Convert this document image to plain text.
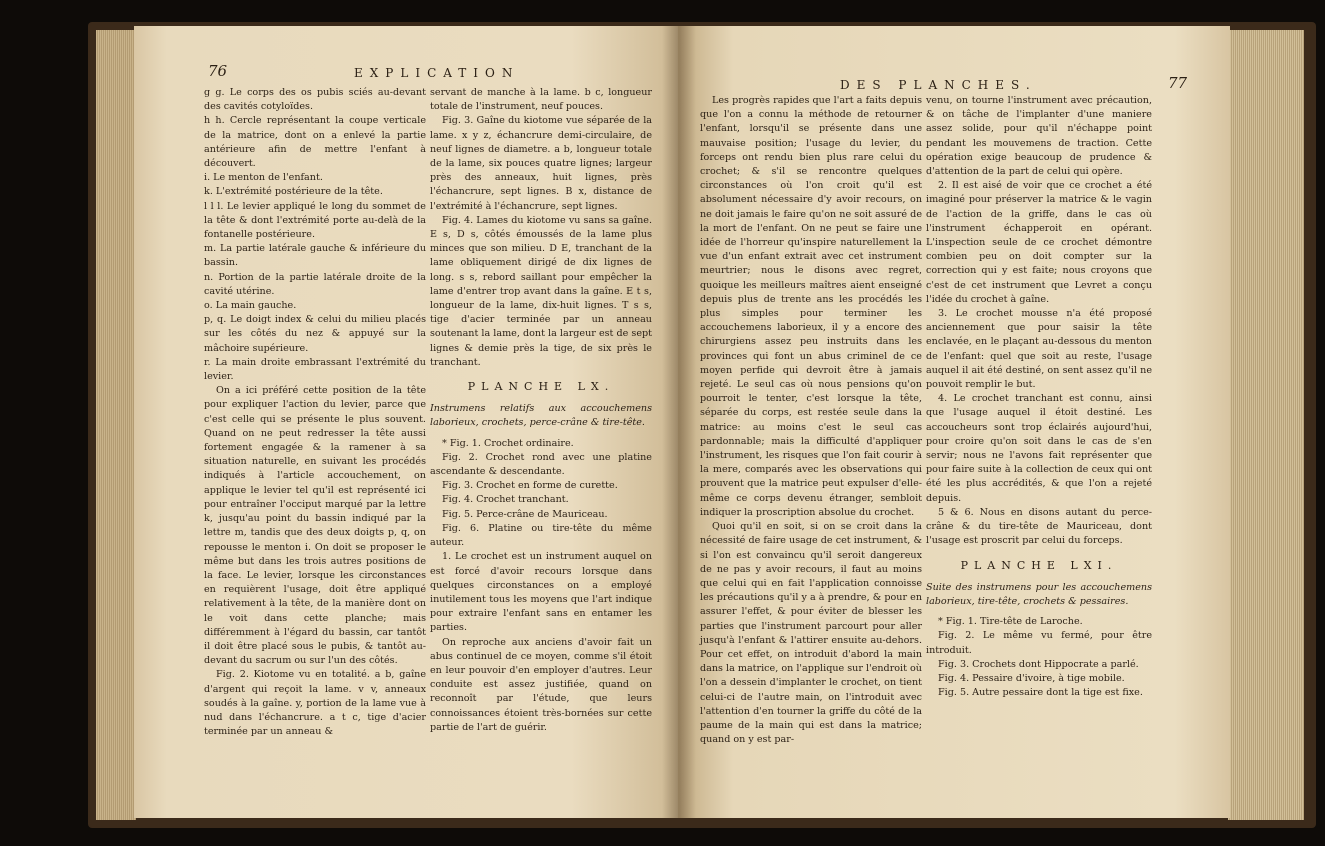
76	EXPLICATION

g g. Le corps des os pubis sciés au-devant des cavités cotyloïdes.

h h. Cercle représentant la coupe verticale de la matrice, dont on a enlevé la partie antérieure afin de mettre l'enfant à découvert.

i. Le menton de l'enfant.

k. L'extrémité postérieure de la tête.

l l l. Le levier appliqué le long du sommet de la tête & dont l'extrémité porte au-delà de la fontanelle postérieure.

m. La partie latérale gauche & inférieure du bassin.

n. Portion de la partie latérale droite de la cavité utérine.

o. La main gauche.

p, q. Le doigt index & celui du milieu placés sur les côtés du nez & appuyé sur la mâchoire supérieure.

r. La main droite embrassant l'extrémité du levier.

On a ici préféré cette position de la tête pour expliquer l'action du levier, parce que c'est celle qui se présente le plus souvent. Quand on ne peut redresser la tête aussi fortement engagée & la ramener à sa situation naturelle, en suivant les procédés indiqués à l'article accouchement, on applique le levier tel qu'il est représenté ici pour entraîner l'occiput marqué par la lettre k, jusqu'au point du bassin indiqué par la lettre m, tandis que des deux doigts p, q, on repousse le menton i. On doit se proposer le même but dans les trois autres positions de la face. Le levier, lorsque les circonstances en requièrent l'usage, doit être appliqué relativement à la tête, de la manière dont on le voit dans cette planche; mais différemment à l'égard du bassin, car tantôt il doit être placé sous le pubis, & tantôt au-devant du sacrum ou sur l'un des côtés.

Fig. 2. Kiotome vu en totalité. a b, gaîne d'argent qui reçoit la lame. v v, anneaux soudés à la gaîne. y, portion de la lame vue à nud dans l'échancrure. a t c, tige d'acier terminée par un anneau &

servant de manche à la lame. b c, longueur totale de l'instrument, neuf pouces.

Fig. 3. Gaîne du kiotome vue séparée de la lame. x y z, échancrure demi-circulaire, de neuf lignes de diametre. a b, longueur totale de la lame, six pouces quatre lignes; largeur près des anneaux, huit lignes, près l'échancrure, sept lignes. B x, distance de l'extrémité à l'échancrure, sept lignes.

Fig. 4. Lames du kiotome vu sans sa gaîne. E s, D s, côtés émoussés de la lame plus minces que son milieu. D E, tranchant de la lame obliquement dirigé de dix lignes de long. s s, rebord saillant pour empêcher la lame d'entrer trop avant dans la gaîne. E t s, longueur de la lame, dix-huit lignes. T s s, tige d'acier terminée par un anneau soutenant la lame, dont la largeur est de sept lignes & demie près la tige, de six près le tranchant.

PLANCHE LX.

Instrumens relatifs aux accouchemens laborieux, crochets, perce-crâne & tire-tête.

* Fig. 1. Crochet ordinaire.

Fig. 2. Crochet rond avec une platine ascendante & descendante.

Fig. 3. Crochet en forme de curette.

Fig. 4. Crochet tranchant.

Fig. 5. Perce-crâne de Mauriceau.

Fig. 6. Platine ou tire-tête du même auteur.

1. Le crochet est un instrument auquel on est forcé d'avoir recours lorsque dans quelques circonstances on a employé inutilement tous les moyens que l'art indique pour extraire l'enfant sans en entamer les parties.

On reproche aux anciens d'avoir fait un abus continuel de ce moyen, comme s'il étoit en leur pouvoir d'en employer d'autres. Leur conduite est assez justifiée, quand on reconnoît par l'étude, que leurs connoissances étoient très-bornées sur cette partie de l'art de guérir.

DES PLANCHES.	77

Les progrès rapides que l'art a faits depuis que l'on a connu la méthode de retourner l'enfant, lorsqu'il se présente dans une mauvaise position; l'usage du levier, du forceps ont rendu bien plus rare celui du crochet; & s'il se rencontre quelques circonstances où l'on croit qu'il est absolument nécessaire d'y avoir recours, on ne doit jamais le faire qu'on ne soit assuré de la mort de l'enfant. On ne peut se faire une idée de l'horreur qu'inspire naturellement la vue d'un enfant extrait avec cet instrument meurtrier; nous le disons avec regret, quoique les meilleurs maîtres aient enseigné depuis plus de trente ans les procédés les plus simples pour terminer les accouchemens laborieux, il y a encore des chirurgiens assez peu instruits dans les provinces qui font un abus criminel de ce moyen perfide qui devroit être à jamais rejeté. Le seul cas où nous pensions qu'on pourroit le tenter, c'est lorsque la tête, séparée du corps, est restée seule dans la matrice: au moins c'est le seul cas pardonnable; mais la difficulté d'appliquer l'instrument, les risques que l'on fait courir à la mere, comparés avec les observations qui prouvent que la matrice peut expulser d'elle-même ce corps devenu étranger, sembloit indiquer la proscription absolue du crochet.

Quoi qu'il en soit, si on se croit dans la nécessité de faire usage de cet instrument, & si l'on est convaincu qu'il seroit dangereux de ne pas y avoir recours, il faut au moins que celui qui en fait l'application connoisse les précautions qu'il y a à prendre, & pour en assurer l'effet, & pour éviter de blesser les parties que l'instrument parcourt pour aller jusqu'à l'enfant & l'attirer ensuite au-dehors. Pour cet effet, on introduit d'abord la main dans la matrice, on l'applique sur l'endroit où l'on a dessein d'implanter le crochet, on tient celui-ci de l'autre main, on l'introduit avec l'attention d'en tourner la griffe du côté de la paume de la main qui est dans la matrice; quand on y est par-

venu, on tourne l'instrument avec précaution, & on tâche de l'implanter d'une maniere assez solide, pour qu'il n'échappe point pendant les mouvemens de traction. Cette opération exige beaucoup de prudence & d'attention de la part de celui qui opère.

2. Il est aisé de voir que ce crochet a été imaginé pour préserver la matrice & le vagin de l'action de la griffe, dans le cas où l'instrument échapperoit en opérant. L'inspection seule de ce crochet démontre combien peu on doit compter sur la correction qui y est faite; nous croyons que c'est de cet instrument que Levret a conçu l'idée du crochet à gaîne.

3. Le crochet mousse n'a été proposé anciennement que pour saisir la tête enclavée, en le plaçant au-dessous du menton de l'enfant: quel que soit au reste, l'usage auquel il ait été destiné, on sent assez qu'il ne pouvoit remplir le but.

4. Le crochet tranchant est connu, ainsi que l'usage auquel il étoit destiné. Les accoucheurs sont trop éclairés aujourd'hui, pour croire qu'on soit dans le cas de s'en servir; nous ne l'avons fait représenter que pour faire suite à la collection de ceux qui ont été les plus accrédités, & que l'on a rejeté depuis.

5 & 6. Nous en disons autant du perce-crâne & du tire-tête de Mauriceau, dont l'usage est proscrit par celui du forceps.

PLANCHE LXI.

Suite des instrumens pour les accouchemens laborieux, tire-tête, crochets & pessaires.

* Fig. 1. Tire-tête de Laroche.

Fig. 2. Le même vu fermé, pour être introduit.

Fig. 3. Crochets dont Hippocrate a parlé.

Fig. 4. Pessaire d'ivoire, à tige mobile.

Fig. 5. Autre pessaire dont la tige est fixe.
